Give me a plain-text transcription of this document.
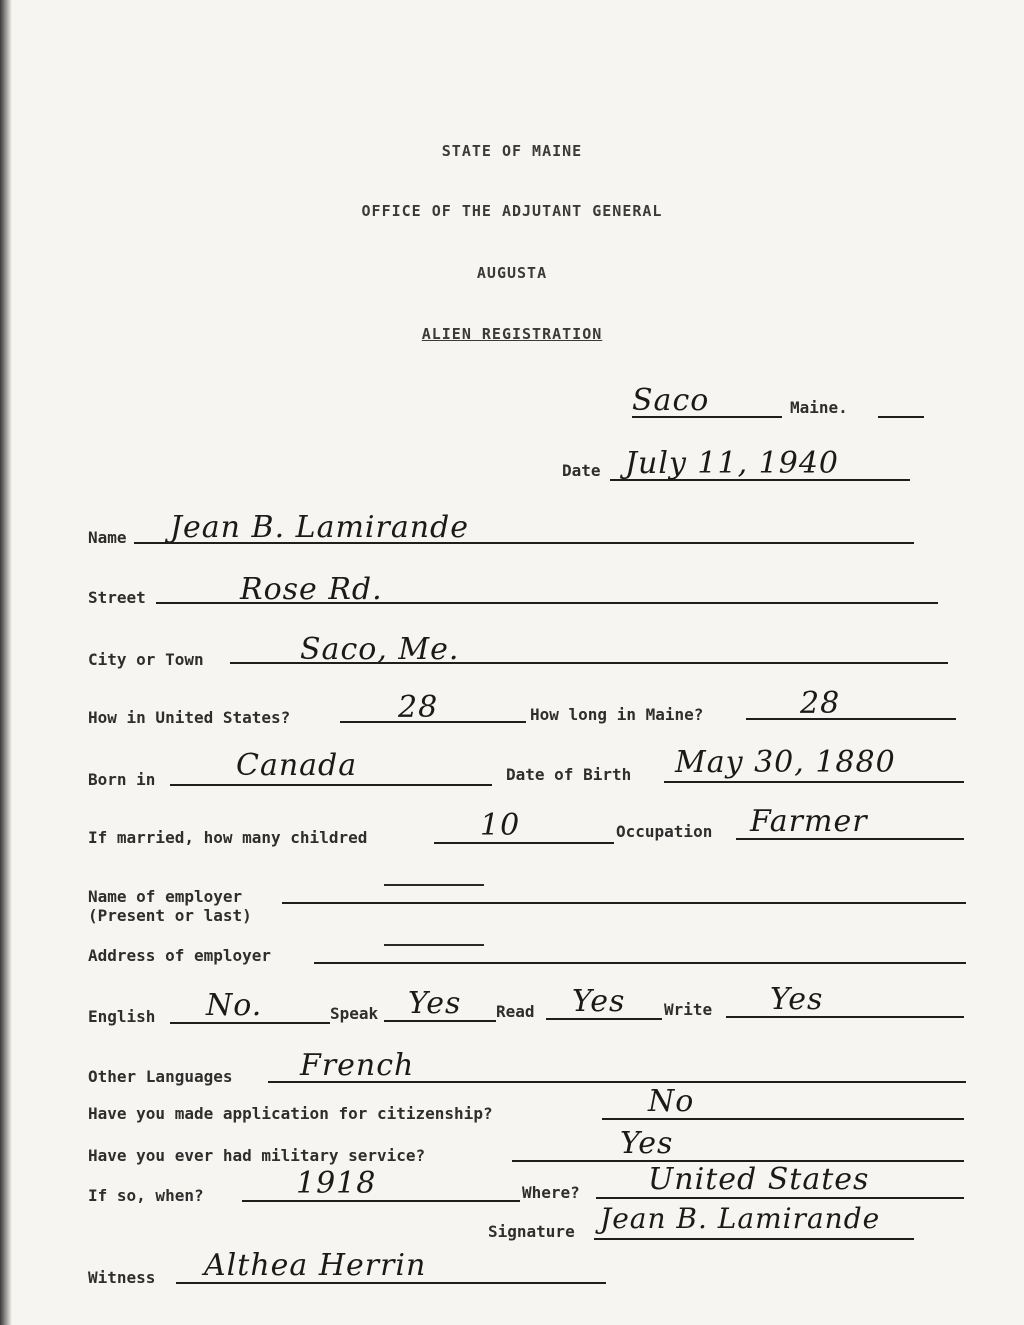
STATE OF MAINE
OFFICE OF THE ADJUTANT GENERAL
AUGUSTA
ALIEN REGISTRATION
Saco	Maine.
Date July 11, 1940
Name Jean B. Lamirande
Street	Rose Rd.
City or Town	Saco, Me.
How in United States?	28	How long in Maine?	28
Born in	Canada	Date of Birth May 30, 1880
If married, how many childred	10	Occupation Farmer
Name of employer
(Present or last)
Address of employer
English No.	Speak Yes Read Yes Write Yes
Other Languages French
Have you made application for citizenship?	No
Have you ever had military service?	Yes
If so, when?	1918	Where? United States
Signature Jean B. Lamirande
Witness Althea Herrin
